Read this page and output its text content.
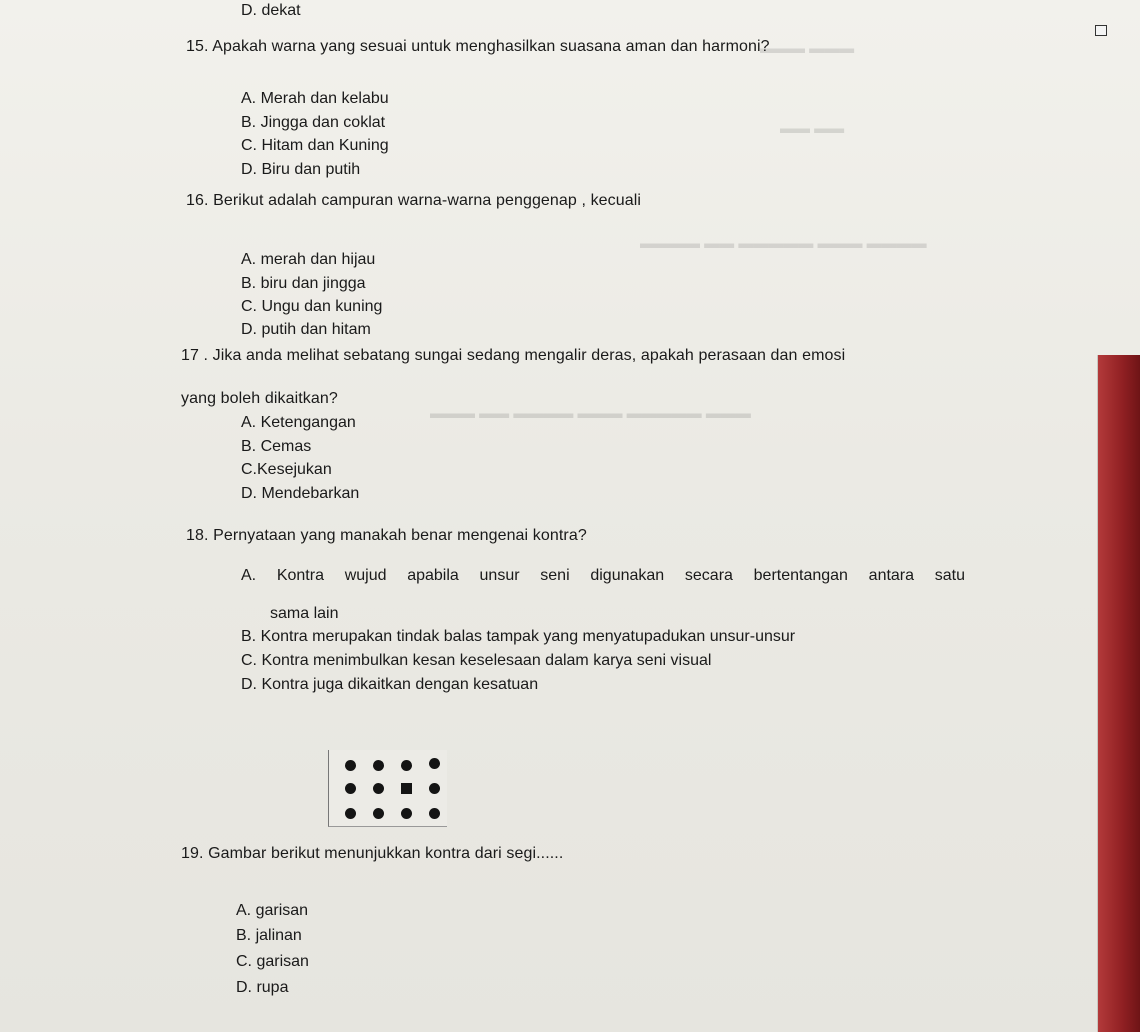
▬▬▬ ▬▬▬
▬▬ ▬▬
▬▬▬▬ ▬▬▬ ▬▬▬▬▬ ▬▬ ▬▬▬▬
▬▬▬ ▬▬▬▬▬ ▬▬▬ ▬▬▬▬ ▬▬ ▬▬▬
D. dekat
15. Apakah warna yang sesuai untuk menghasilkan suasana aman dan harmoni?
A. Merah dan kelabu
B. Jingga dan coklat
C. Hitam dan Kuning
D. Biru dan putih
16. Berikut adalah campuran warna-warna penggenap , kecuali
A. merah dan hijau
B. biru dan jingga
C. Ungu dan kuning
D. putih dan hitam
17 . Jika anda melihat sebatang sungai sedang mengalir deras, apakah perasaan dan emosi
yang boleh dikaitkan?
A. Ketengangan
B. Cemas
C.Kesejukan
D. Mendebarkan
18. Pernyataan yang manakah benar mengenai kontra?
A. Kontra wujud apabila unsur seni digunakan secara bertentangan antara satu
sama lain
B. Kontra merupakan tindak balas tampak yang menyatupadukan unsur-unsur
C. Kontra menimbulkan kesan keselesaan dalam karya seni visual
D. Kontra juga dikaitkan dengan kesatuan
19. Gambar berikut menunjukkan kontra dari segi......
A. garisan
B. jalinan
C. garisan
D. rupa
